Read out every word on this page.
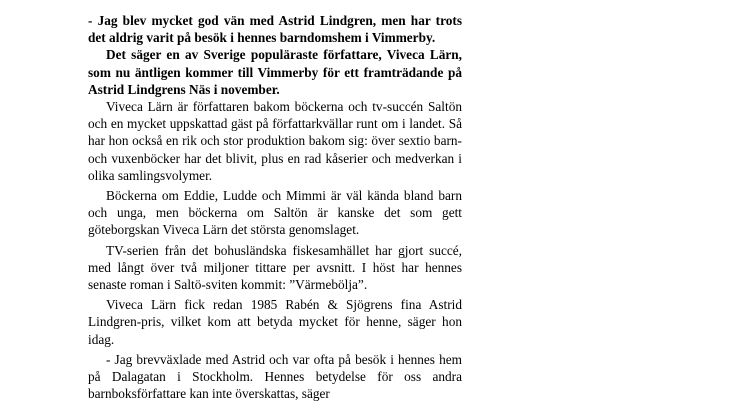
- Jag blev mycket god vän med Astrid Lindgren, men har trots det aldrig varit på besök i hennes barndomshem i Vimmerby.

Det säger en av Sverige populäraste författare, Viveca Lärn, som nu äntligen kommer till Vimmerby för ett framträdande på Astrid Lindgrens Näs i november.

Viveca Lärn är författaren bakom böckerna och tv-succén Saltön och en mycket uppskattad gäst på författarkvällar runt om i landet. Så har hon också en rik och stor produktion bakom sig: över sextio barn- och vuxenböcker har det blivit, plus en rad kåserier och medverkan i olika samlingsvolymer.

Böckerna om Eddie, Ludde och Mimmi är väl kända bland barn och unga, men böckerna om Saltön är kanske det som gett göteborgskan Viveca Lärn det största genomslaget.

TV-serien från det bohusländska fiskesamhället har gjort succé, med långt över två miljoner tittare per avsnitt. I höst har hennes senaste roman i Saltö-sviten kommit: ”Värmebölja”.

Viveca Lärn fick redan 1985 Rabén & Sjögrens fina Astrid Lindgren-pris, vilket kom att betyda mycket för henne, säger hon idag.

- Jag brevväxlade med Astrid och var ofta på besök i hennes hem på Dalagatan i Stockholm. Hennes betydelse för oss andra barnboksförfattare kan inte överskattas, säger
